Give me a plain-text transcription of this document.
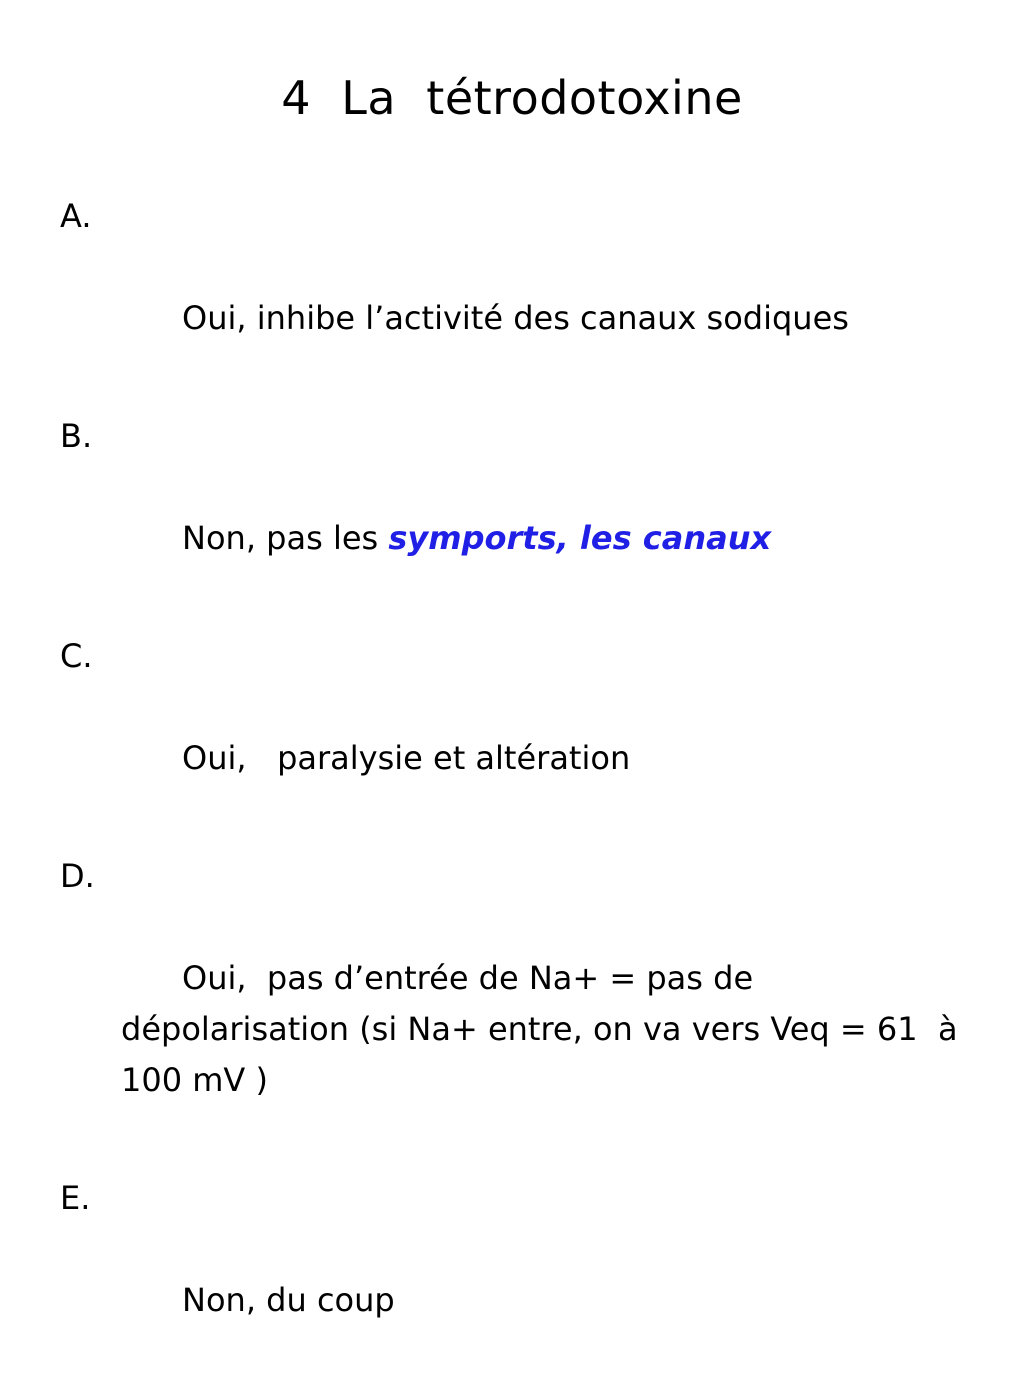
4  La  tétrodotoxine

A.

Oui, inhibe l’activité des canaux sodiques

B.

Non, pas les symports, les canaux

C.

Oui,   paralysie et altération

D.

Oui,  pas d’entrée de Na+ = pas de dépolarisation (si Na+ entre, on va vers Veq = 61  à 100 mV )

E.

Non, du coup
